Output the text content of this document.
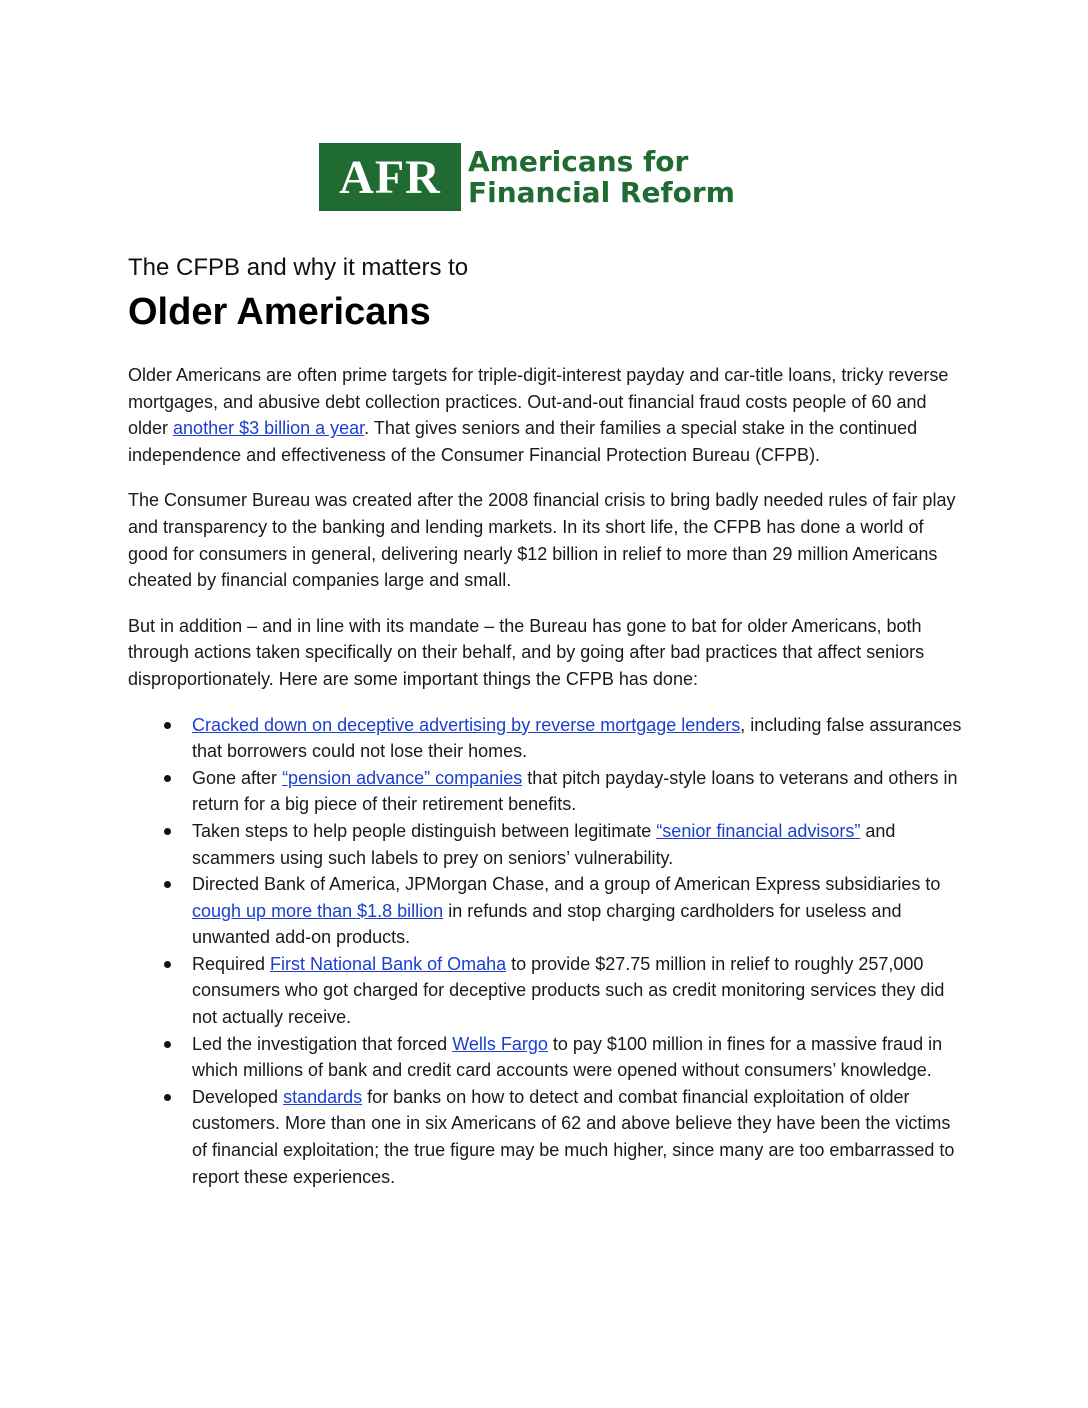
AFR Americans for
Financial Reform
The CFPB and why it matters to
Older Americans

Older Americans are often prime targets for triple-digit-interest payday and car-title loans, tricky reverse mortgages, and abusive debt collection practices. Out-and-out financial fraud costs people of 60 and older another $3 billion a year. That gives seniors and their families a special stake in the continued independence and effectiveness of the Consumer Financial Protection Bureau (CFPB).

The Consumer Bureau was created after the 2008 financial crisis to bring badly needed rules of fair play and transparency to the banking and lending markets. In its short life, the CFPB has done a world of good for consumers in general, delivering nearly $12 billion in relief to more than 29 million Americans cheated by financial companies large and small.

But in addition – and in line with its mandate – the Bureau has gone to bat for older Americans, both through actions taken specifically on their behalf, and by going after bad practices that affect seniors disproportionately. Here are some important things the CFPB has done:

Cracked down on deceptive advertising by reverse mortgage lenders, including false assurances that borrowers could not lose their homes.
Gone after “pension advance” companies that pitch payday-style loans to veterans and others in return for a big piece of their retirement benefits.
Taken steps to help people distinguish between legitimate “senior financial advisors” and scammers using such labels to prey on seniors’ vulnerability.
Directed Bank of America, JPMorgan Chase, and a group of American Express subsidiaries to cough up more than $1.8 billion in refunds and stop charging cardholders for useless and unwanted add-on products.
Required First National Bank of Omaha to provide $27.75 million in relief to roughly 257,000 consumers who got charged for deceptive products such as credit monitoring services they did not actually receive.
Led the investigation that forced Wells Fargo to pay $100 million in fines for a massive fraud in which millions of bank and credit card accounts were opened without consumers’ knowledge.
Developed standards for banks on how to detect and combat financial exploitation of older customers. More than one in six Americans of 62 and above believe they have been the victims of financial exploitation; the true figure may be much higher, since many are too embarrassed to report these experiences.
